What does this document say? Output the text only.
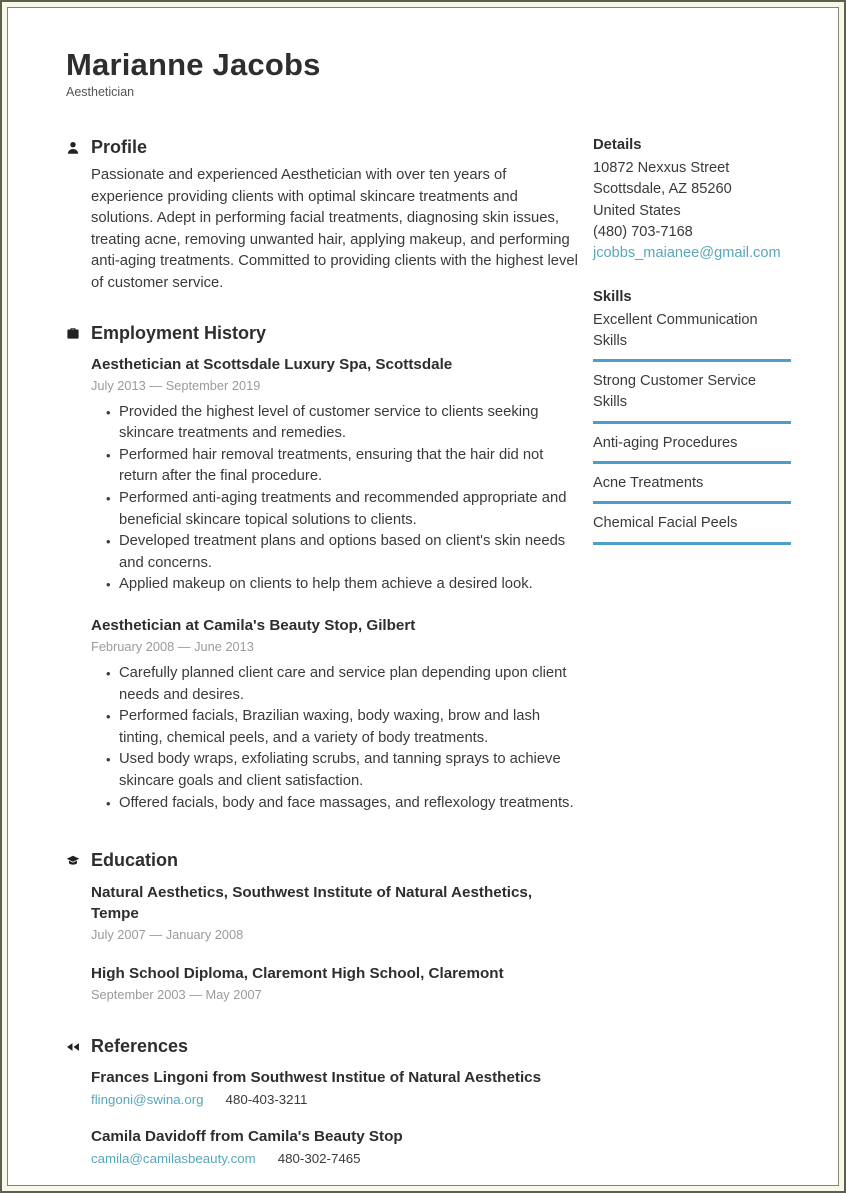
Marianne Jacobs
Aesthetician
Profile
Passionate and experienced Aesthetician with over ten years of experience providing clients with optimal skincare treatments and solutions. Adept in performing facial treatments, diagnosing skin issues, treating acne, removing unwanted hair, applying makeup, and performing anti-aging treatments. Committed to providing clients with the highest level of customer service.
Employment History
Aesthetician at Scottsdale Luxury Spa, Scottsdale
July 2013 — September 2019
• Provided the highest level of customer service to clients seeking skincare treatments and remedies.
• Performed hair removal treatments, ensuring that the hair did not return after the final procedure.
• Performed anti-aging treatments and recommended appropriate and beneficial skincare topical solutions to clients.
• Developed treatment plans and options based on client's skin needs and concerns.
• Applied makeup on clients to help them achieve a desired look.
Aesthetician at Camila's Beauty Stop, Gilbert
February 2008 — June 2013
• Carefully planned client care and service plan depending upon client needs and desires.
• Performed facials, Brazilian waxing, body waxing, brow and lash tinting, chemical peels, and a variety of body treatments.
• Used body wraps, exfoliating scrubs, and tanning sprays to achieve skincare goals and client satisfaction.
• Offered facials, body and face massages, and reflexology treatments.
Education
Natural Aesthetics, Southwest Institute of Natural Aesthetics, Tempe
July 2007 — January 2008
High School Diploma, Claremont High School, Claremont
September 2003 — May 2007
References
Frances Lingoni from Southwest Institue of Natural Aesthetics
flingoni@swina.org 480-403-3211
Camila Davidoff from Camila's Beauty Stop
camila@camilasbeauty.com 480-302-7465
Details
10872 Nexxus Street
Scottsdale, AZ 85260
United States
(480) 703-7168
jcobbs_maianee@gmail.com
Skills
Excellent Communication Skills
Strong Customer Service Skills
Anti-aging Procedures
Acne Treatments
Chemical Facial Peels
